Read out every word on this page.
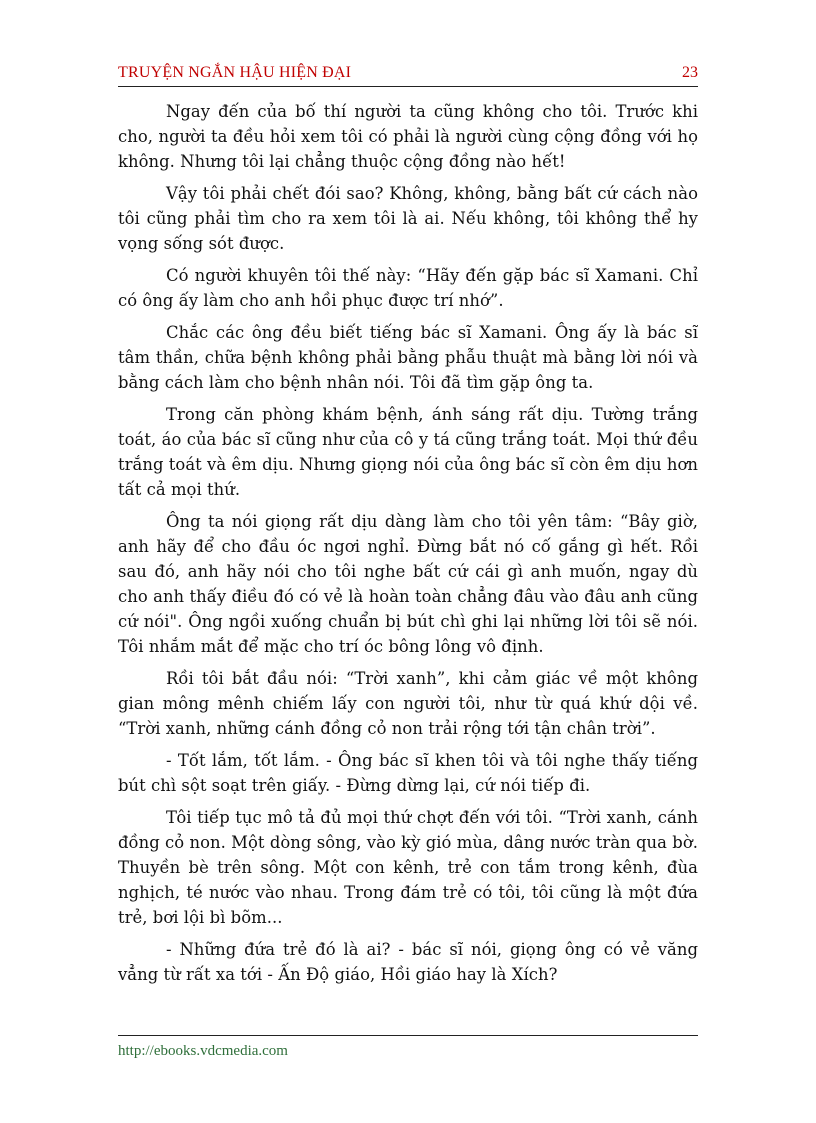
TRUYỆN NGẮN HẬU HIỆN ĐẠI	23

Ngay đến của bố thí người ta cũng không cho tôi. Trước khi cho, người ta đều hỏi xem tôi có phải là người cùng cộng đồng với họ không. Nhưng tôi lại chẳng thuộc cộng đồng nào hết!

Vậy tôi phải chết đói sao? Không, không, bằng bất cứ cách nào tôi cũng phải tìm cho ra xem tôi là ai. Nếu không, tôi không thể hy vọng sống sót được.

Có người khuyên tôi thế này: “Hãy đến gặp bác sĩ Xamani. Chỉ có ông ấy làm cho anh hồi phục được trí nhớ”.

Chắc các ông đều biết tiếng bác sĩ Xamani. Ông ấy là bác sĩ tâm thần, chữa bệnh không phải bằng phẫu thuật mà bằng lời nói và bằng cách làm cho bệnh nhân nói. Tôi đã tìm gặp ông ta.

Trong căn phòng khám bệnh, ánh sáng rất dịu. Tường trắng toát, áo của bác sĩ cũng như của cô y tá cũng trắng toát. Mọi thứ đều trắng toát và êm dịu. Nhưng giọng nói của ông bác sĩ còn êm dịu hơn tất cả mọi thứ.

Ông ta nói giọng rất dịu dàng làm cho tôi yên tâm: “Bây giờ, anh hãy để cho đầu óc ngơi nghỉ. Đừng bắt nó cố gắng gì hết. Rồi sau đó, anh hãy nói cho tôi nghe bất cứ cái gì anh muốn, ngay dù cho anh thấy điều đó có vẻ là hoàn toàn chẳng đâu vào đâu anh cũng cứ nói". Ông ngồi xuống chuẩn bị bút chì ghi lại những lời tôi sẽ nói. Tôi nhắm mắt để mặc cho trí óc bông lông vô định.

Rồi tôi bắt đầu nói: “Trời xanh”, khi cảm giác về một không gian mông mênh chiếm lấy con người tôi, như từ quá khứ dội về. “Trời xanh, những cánh đồng cỏ non trải rộng tới tận chân trời”.

- Tốt lắm, tốt lắm. - Ông bác sĩ khen tôi và tôi nghe thấy tiếng bút chì sột soạt trên giấy. - Đừng dừng lại, cứ nói tiếp đi.

Tôi tiếp tục mô tả đủ mọi thứ chợt đến với tôi. “Trời xanh, cánh đồng cỏ non. Một dòng sông, vào kỳ gió mùa, dâng nước tràn qua bờ. Thuyền bè trên sông. Một con kênh, trẻ con tắm trong kênh, đùa nghịch, té nước vào nhau. Trong đám trẻ có tôi, tôi cũng là một đứa trẻ, bơi lội bì bõm...

- Những đứa trẻ đó là ai? - bác sĩ nói, giọng ông có vẻ văng vẳng từ rất xa tới - Ấn Độ giáo, Hồi giáo hay là Xích?

http://ebooks.vdcmedia.com
